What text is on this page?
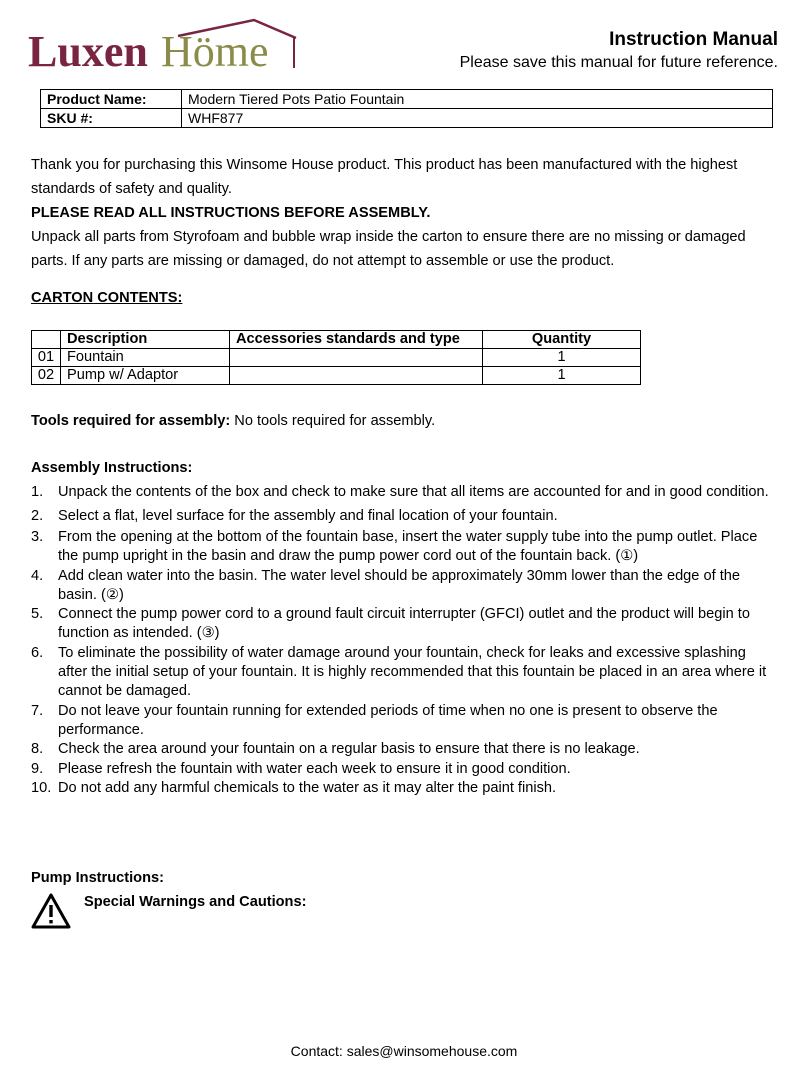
Luxen Höme	Instruction Manual
Please save this manual for future reference.
Product Name:	Modern Tiered Pots Patio Fountain
SKU #:	WHF877
Thank you for purchasing this Winsome House product. This product has been manufactured with the highest standards of safety and quality.
PLEASE READ ALL INSTRUCTIONS BEFORE ASSEMBLY.
Unpack all parts from Styrofoam and bubble wrap inside the carton to ensure there are no missing or damaged parts. If any parts are missing or damaged, do not attempt to assemble or use the product.
CARTON CONTENTS:
	Description	Accessories standards and type	Quantity
01	Fountain		1
02	Pump w/ Adaptor		1
Tools required for assembly: No tools required for assembly.
Assembly Instructions:
1. Unpack the contents of the box and check to make sure that all items are accounted for and in good condition.
2. Select a flat, level surface for the assembly and final location of your fountain.
3. From the opening at the bottom of the fountain base, insert the water supply tube into the pump outlet. Place the pump upright in the basin and draw the pump power cord out of the fountain back. (①)
4. Add clean water into the basin. The water level should be approximately 30mm lower than the edge of the basin. (②)
5. Connect the pump power cord to a ground fault circuit interrupter (GFCI) outlet and the product will begin to function as intended. (③)
6. To eliminate the possibility of water damage around your fountain, check for leaks and excessive splashing after the initial setup of your fountain. It is highly recommended that this fountain be placed in an area where it cannot be damaged.
7. Do not leave your fountain running for extended periods of time when no one is present to observe the performance.
8. Check the area around your fountain on a regular basis to ensure that there is no leakage.
9. Please refresh the fountain with water each week to ensure it in good condition.
10. Do not add any harmful chemicals to the water as it may alter the paint finish.
Pump Instructions:
Special Warnings and Cautions:
Contact: sales@winsomehouse.com
